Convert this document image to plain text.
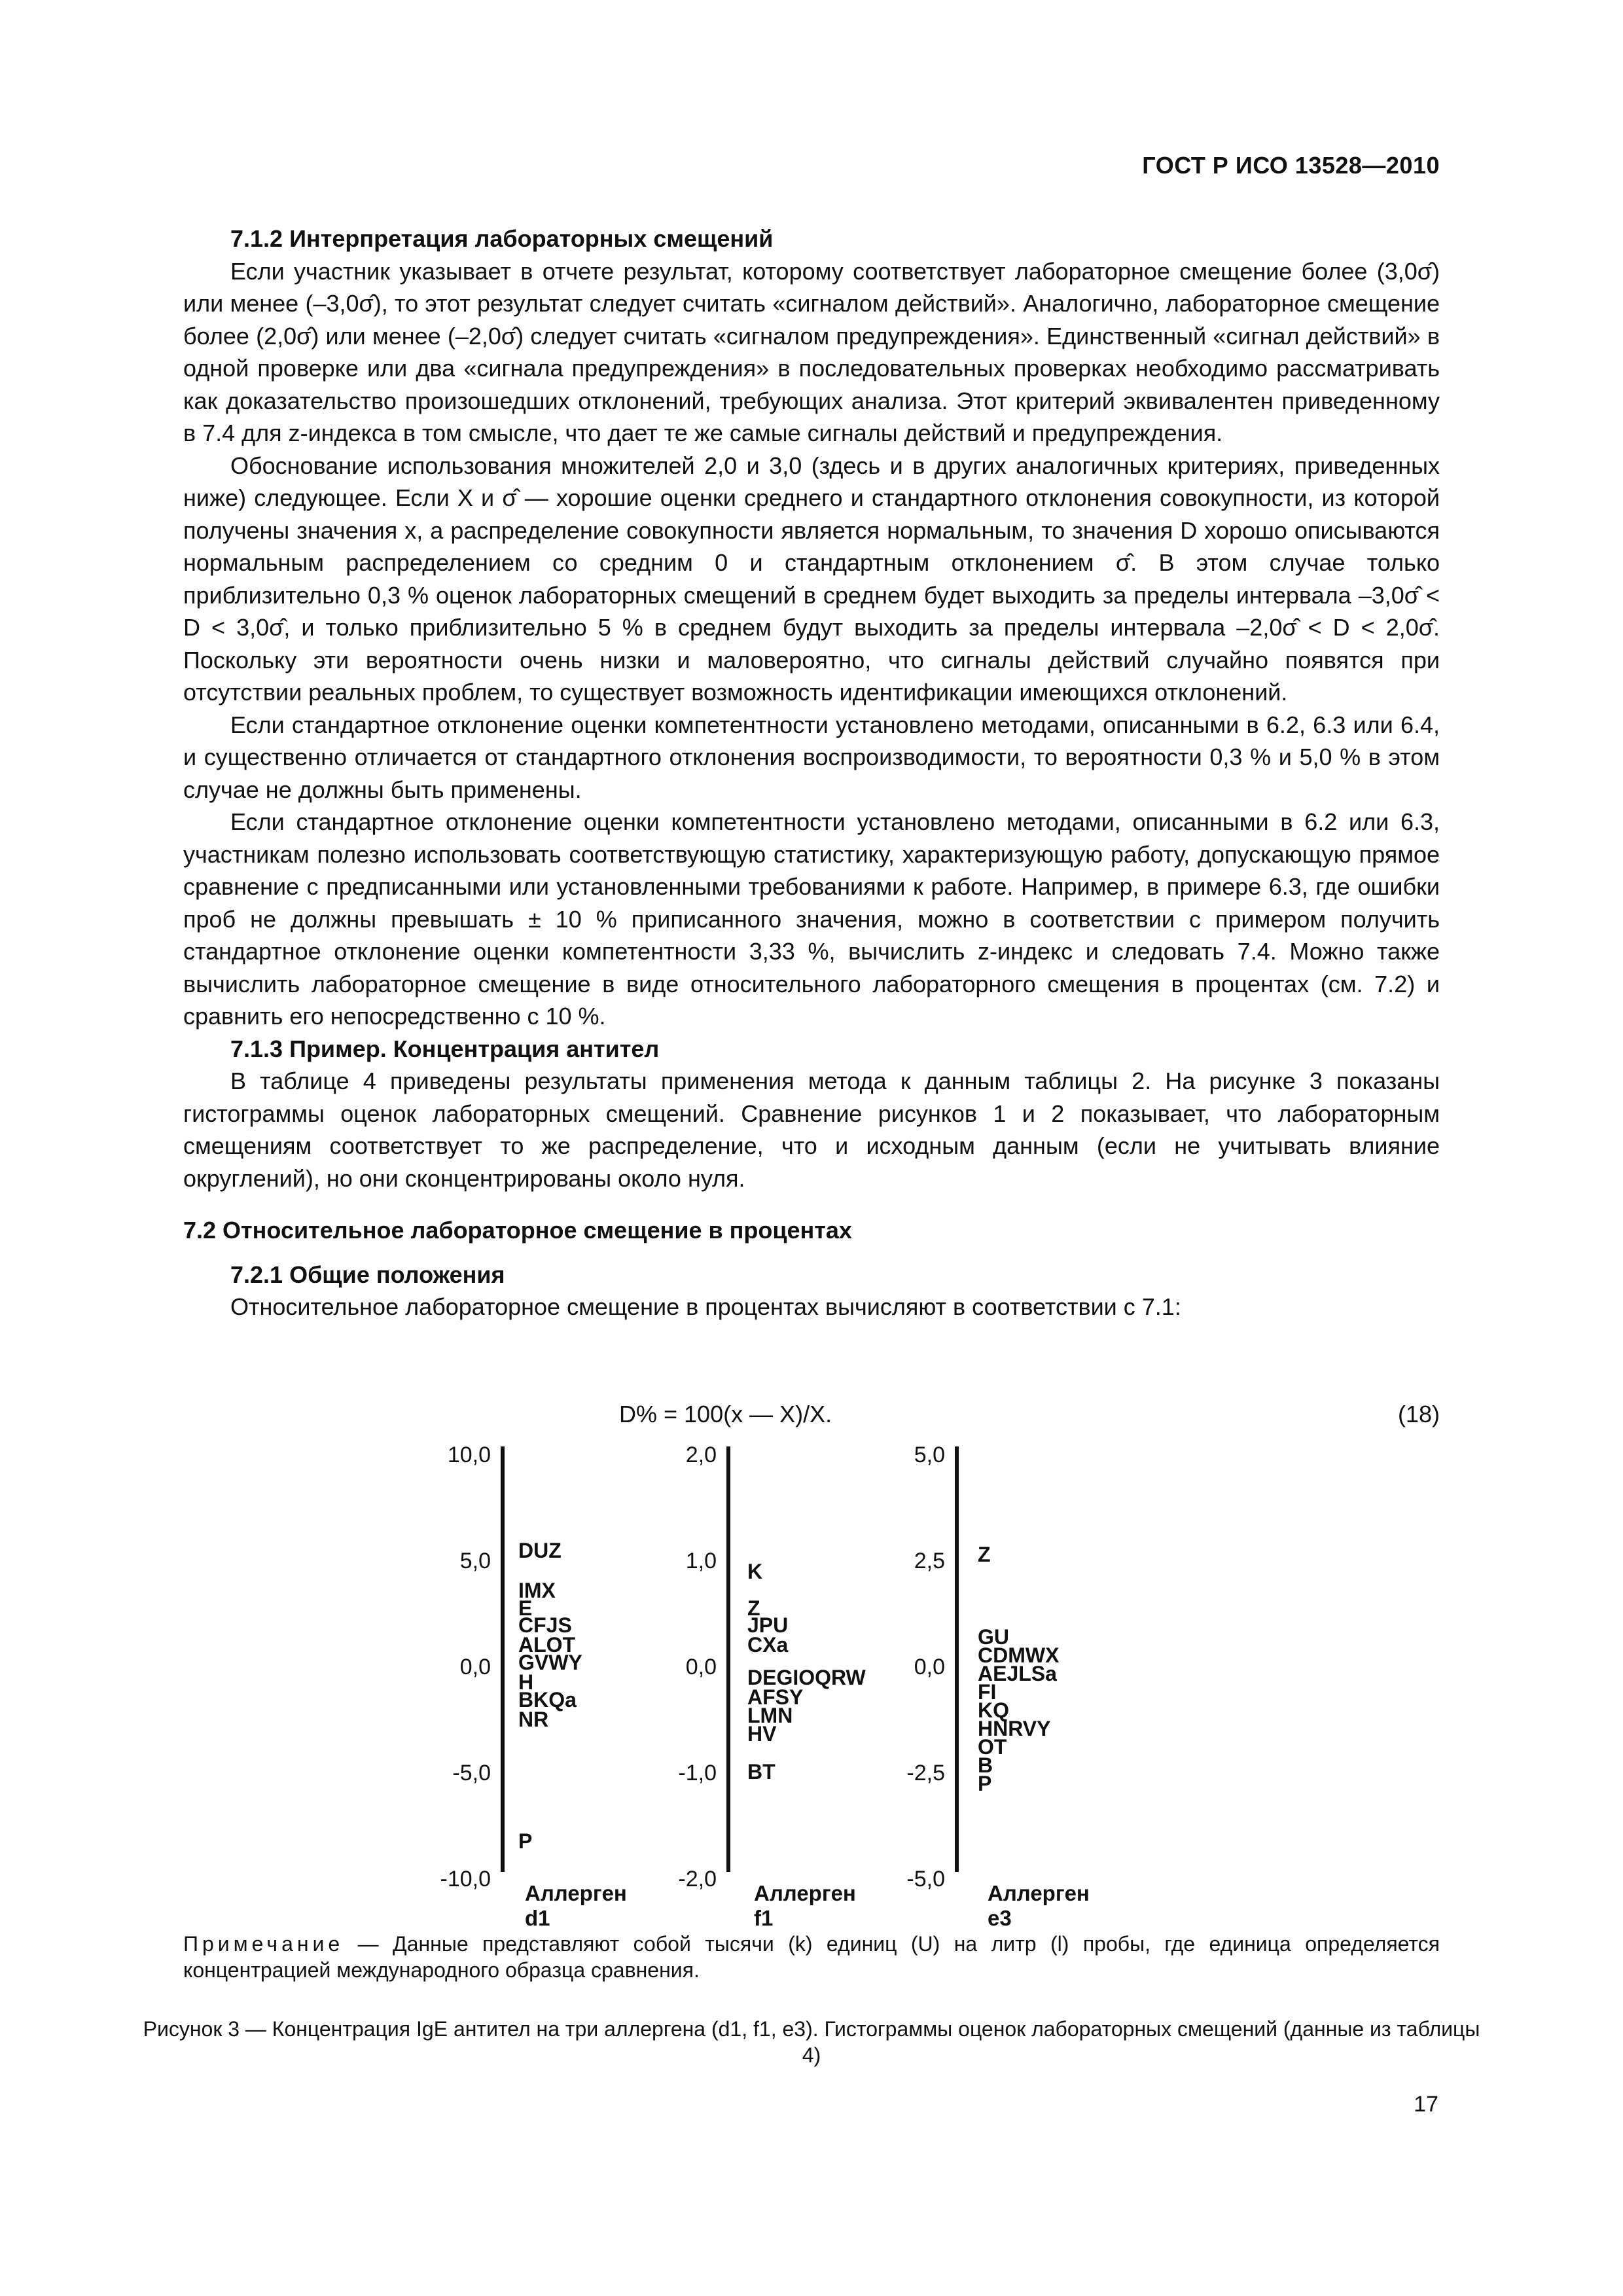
ГОСТ Р ИСО 13528—2010
7.1.2 Интерпретация лабораторных смещений

Если участник указывает в отчете результат, которому соответствует лабораторное смещение более (3,0σ̂) или менее (–3,0σ̂), то этот результат следует считать «сигналом действий». Аналогично, лабораторное смещение более (2,0σ̂) или менее (–2,0σ̂) следует считать «сигналом предупреждения». Единственный «сигнал действий» в одной проверке или два «сигнала предупреждения» в последовательных проверках необходимо рассматривать как доказательство произошедших отклонений, требующих анализа. Этот критерий эквивалентен приведенному в 7.4 для z-индекса в том смысле, что дает те же самые сигналы действий и предупреждения.

Обоснование использования множителей 2,0 и 3,0 (здесь и в других аналогичных критериях, приведенных ниже) следующее. Если X и σ̂ — хорошие оценки среднего и стандартного отклонения совокупности, из которой получены значения x, а распределение совокупности является нормальным, то значения D хорошо описываются нормальным распределением со средним 0 и стандартным отклонением σ̂. В этом случае только приблизительно 0,3 % оценок лабораторных смещений в среднем будет выходить за пределы интервала –3,0σ̂ < D < 3,0σ̂, и только приблизительно 5 % в среднем будут выходить за пределы интервала –2,0σ̂ < D < 2,0σ̂. Поскольку эти вероятности очень низки и маловероятно, что сигналы действий случайно появятся при отсутствии реальных проблем, то существует возможность идентификации имеющихся отклонений.

Если стандартное отклонение оценки компетентности установлено методами, описанными в 6.2, 6.3 или 6.4, и существенно отличается от стандартного отклонения воспроизводимости, то вероятности 0,3 % и 5,0 % в этом случае не должны быть применены.

Если стандартное отклонение оценки компетентности установлено методами, описанными в 6.2 или 6.3, участникам полезно использовать соответствующую статистику, характеризующую работу, допускающую прямое сравнение с предписанными или установленными требованиями к работе. Например, в примере 6.3, где ошибки проб не должны превышать ± 10 % приписанного значения, можно в соответствии с примером получить стандартное отклонение оценки компетентности 3,33 %, вычислить z-индекс и следовать 7.4. Можно также вычислить лабораторное смещение в виде относительного лабораторного смещения в процентах (см. 7.2) и сравнить его непосредственно с 10 %.

7.1.3 Пример. Концентрация антител

В таблице 4 приведены результаты применения метода к данным таблицы 2. На рисунке 3 показаны гистограммы оценок лабораторных смещений. Сравнение рисунков 1 и 2 показывает, что лабораторным смещениям соответствует то же распределение, что и исходным данным (если не учитывать влияние округлений), но они сконцентрированы около нуля.

7.2 Относительное лабораторное смещение в процентах
7.2.1 Общие положения

Относительное лабораторное смещение в процентах вычисляют в соответствии с 7.1:

D% = 100(x — X)/X.	(18)
10,0
5,0
0,0
-5,0
-10,0
DUZ
IMX
E
CFJS
ALOT
GVWY
H
BKQa
NR
P
Аллерген d1
2,0
1,0
0,0
-1,0
-2,0
K
Z
JPU
CXa
DEGIOQRW
AFSY
LMN
HV
BT
Аллерген f1
5,0
2,5
0,0
-2,5
-5,0
Z
GU
CDMWX
AEJLSa
FI
KQ
HNRVY
OT
B
P
Аллерген e3
Примечание — Данные представляют собой тысячи (k) единиц (U) на литр (l) пробы, где единица определяется концентрацией международного образца сравнения.
Рисунок 3 — Концентрация IgE антител на три аллергена (d1, f1, e3). Гистограммы оценок лабораторных смещений (данные из таблицы 4)
17
